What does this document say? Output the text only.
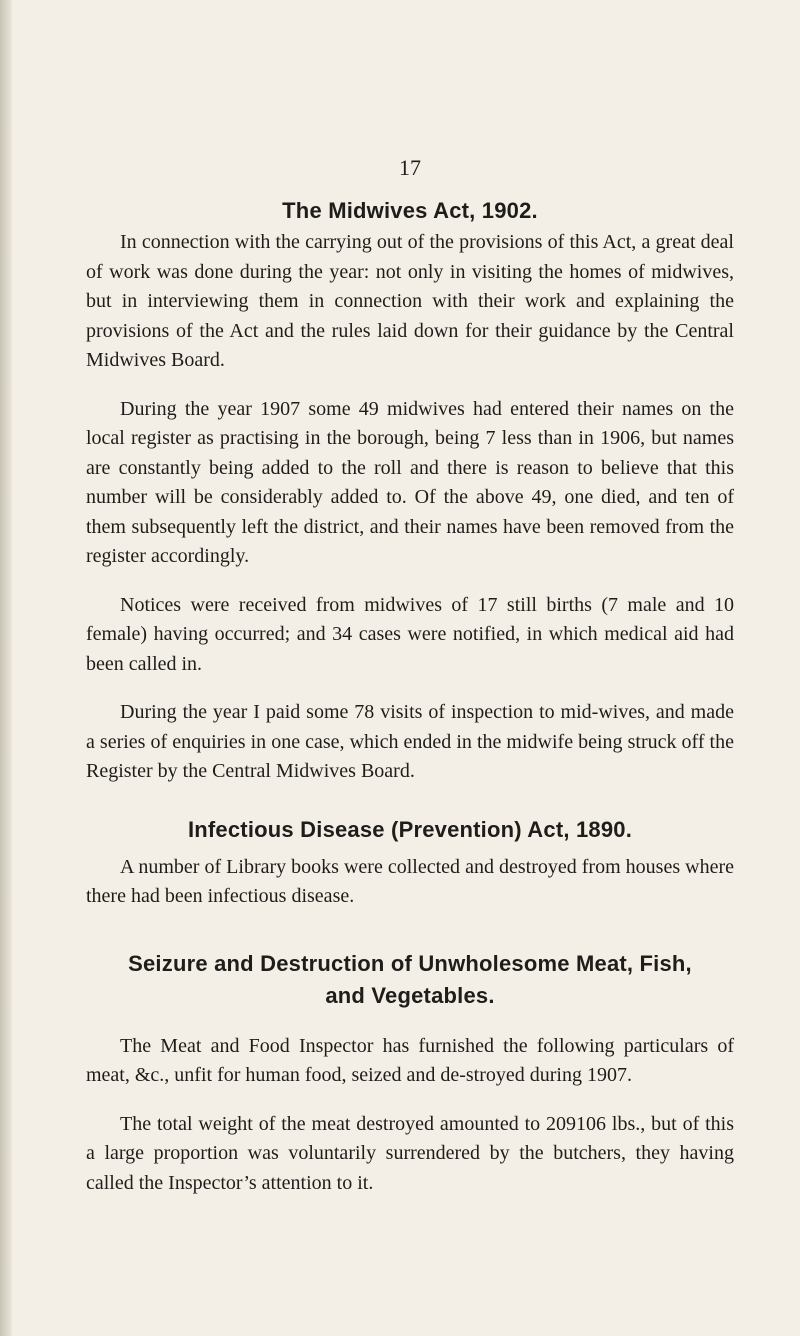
17
The Midwives Act, 1902.

In connection with the carrying out of the provisions of this Act, a great deal of work was done during the year: not only in visiting the homes of midwives, but in interviewing them in connection with their work and explaining the provisions of the Act and the rules laid down for their guidance by the Central Midwives Board.

During the year 1907 some 49 midwives had entered their names on the local register as practising in the borough, being 7 less than in 1906, but names are constantly being added to the roll and there is reason to believe that this number will be considerably added to. Of the above 49, one died, and ten of them subsequently left the district, and their names have been removed from the register accordingly.

Notices were received from midwives of 17 still births (7 male and 10 female) having occurred; and 34 cases were notified, in which medical aid had been called in.

During the year I paid some 78 visits of inspection to mid-wives, and made a series of enquiries in one case, which ended in the midwife being struck off the Register by the Central Midwives Board.

Infectious Disease (Prevention) Act, 1890.

A number of Library books were collected and destroyed from houses where there had been infectious disease.

Seizure and Destruction of Unwholesome Meat, Fish,
and Vegetables.

The Meat and Food Inspector has furnished the following particulars of meat, &c., unfit for human food, seized and de-stroyed during 1907.

The total weight of the meat destroyed amounted to 209106 lbs., but of this a large proportion was voluntarily surrendered by the butchers, they having called the Inspector’s attention to it.
